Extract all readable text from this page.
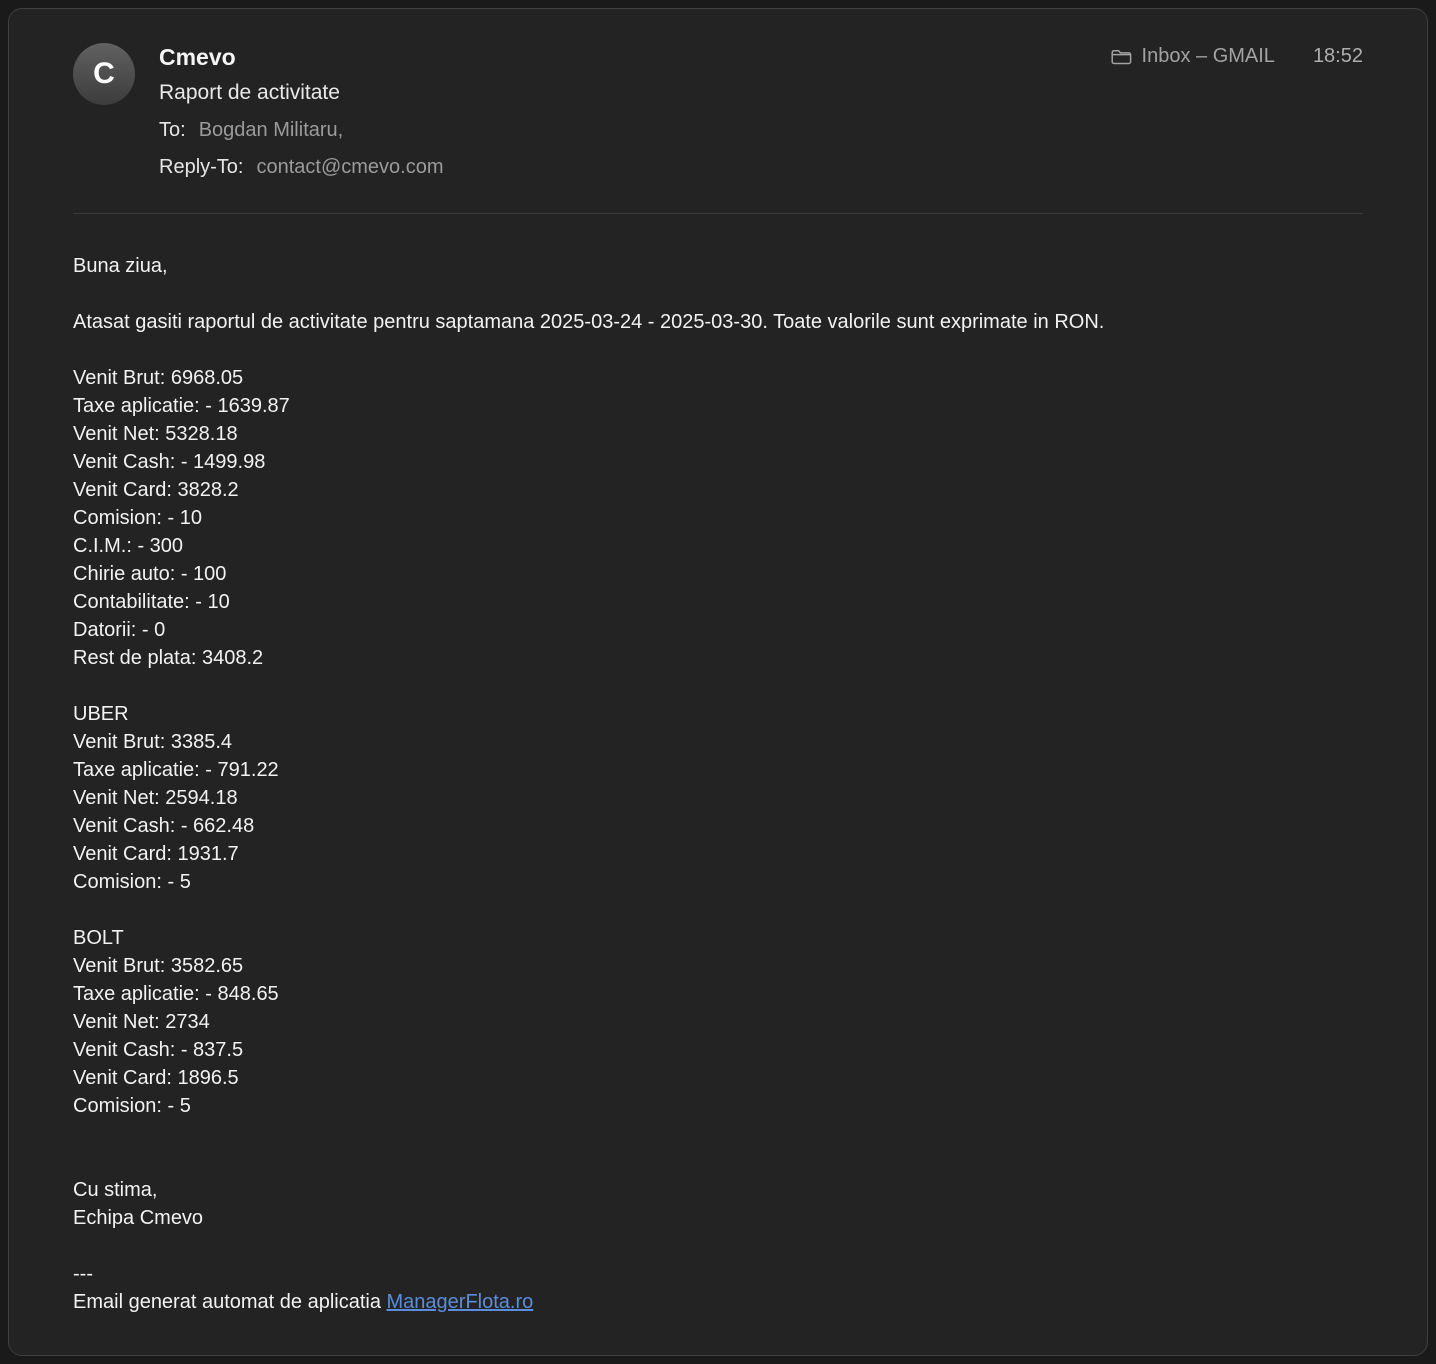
C Cmevo
Raport de activitate
To: Bogdan Militaru,
Reply-To: contact@cmevo.com
Inbox – GMAIL 18:52
Buna ziua,
Atasat gasiti raportul de activitate pentru saptamana 2025-03-24 - 2025-03-30. Toate valorile sunt exprimate in RON.
Venit Brut: 6968.05
Taxe aplicatie: - 1639.87
Venit Net: 5328.18
Venit Cash: - 1499.98
Venit Card: 3828.2
Comision: - 10
C.I.M.: - 300
Chirie auto: - 100
Contabilitate: - 10
Datorii: - 0
Rest de plata: 3408.2
UBER
Venit Brut: 3385.4
Taxe aplicatie: - 791.22
Venit Net: 2594.18
Venit Cash: - 662.48
Venit Card: 1931.7
Comision: - 5
BOLT
Venit Brut: 3582.65
Taxe aplicatie: - 848.65
Venit Net: 2734
Venit Cash: - 837.5
Venit Card: 1896.5
Comision: - 5
Cu stima,
Echipa Cmevo
---
Email generat automat de aplicatia ManagerFlota.ro
